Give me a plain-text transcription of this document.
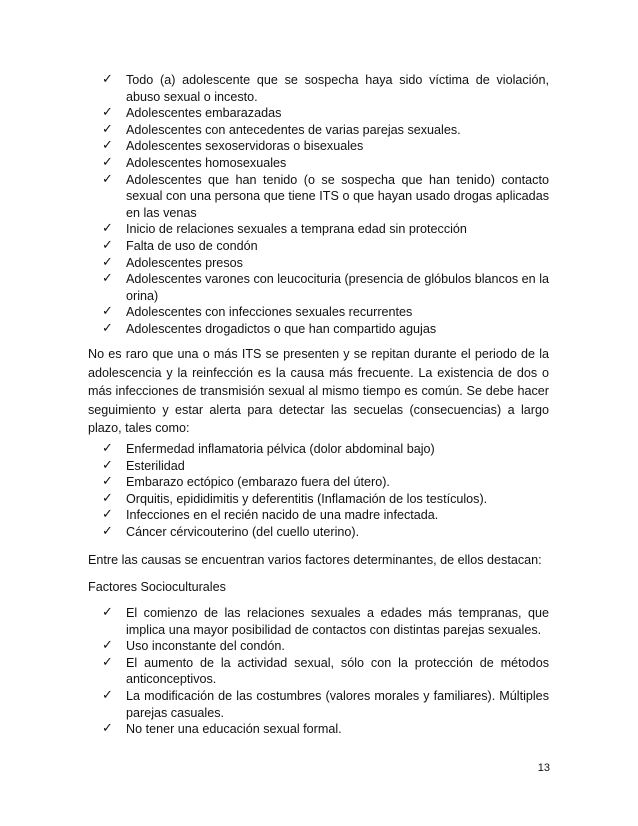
✓ Todo (a) adolescente que se sospecha haya sido víctima de violación, abuso sexual o incesto.
✓ Adolescentes embarazadas
✓ Adolescentes con antecedentes de varias parejas sexuales.
✓ Adolescentes sexoservidoras o bisexuales
✓ Adolescentes homosexuales
✓ Adolescentes que han tenido (o se sospecha que han tenido) contacto sexual con una persona que tiene ITS o que hayan usado drogas aplicadas en las venas
✓ Inicio de relaciones sexuales a temprana edad sin protección
✓ Falta de uso de condón
✓ Adolescentes presos
✓ Adolescentes varones con leucocituria (presencia de glóbulos blancos en la orina)
✓ Adolescentes con infecciones sexuales recurrentes
✓ Adolescentes drogadictos o que han compartido agujas

No es raro que una o más ITS se presenten y se repitan durante el periodo de la adolescencia y la reinfección es la causa más frecuente. La existencia de dos o más infecciones de transmisión sexual al mismo tiempo es común. Se debe hacer seguimiento y estar alerta para detectar las secuelas (consecuencias) a largo plazo, tales como:

✓ Enfermedad inflamatoria pélvica (dolor abdominal bajo)
✓ Esterilidad
✓ Embarazo ectópico (embarazo fuera del útero).
✓ Orquitis, epididimitis y deferentitis (Inflamación de los testículos).
✓ Infecciones en el recién nacido de una madre infectada.
✓ Cáncer cérvicouterino (del cuello uterino).

Entre las causas se encuentran varios factores determinantes, de ellos destacan:

Factores Socioculturales

✓ El comienzo de las relaciones sexuales a edades más tempranas, que implica una mayor posibilidad de contactos con distintas parejas sexuales.
✓ Uso inconstante del condón.
✓ El aumento de la actividad sexual, sólo con la protección de métodos anticonceptivos.
✓ La modificación de las costumbres (valores morales y familiares). Múltiples parejas casuales.
✓ No tener una educación sexual formal.
13
